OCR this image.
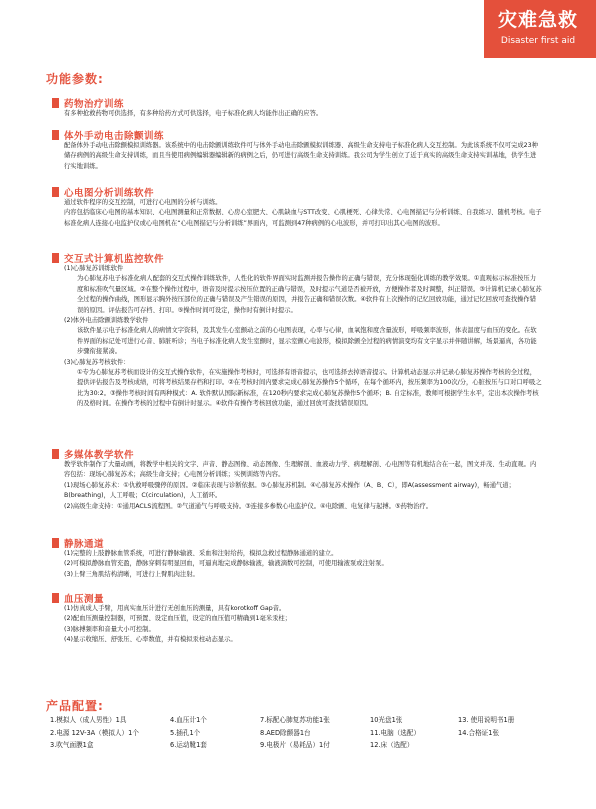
灾难急救
Disaster first aid
功能参数:
药物治疗训练

有多种抢救药物可供选择，有多种给药方式可供选择，电子标准化病人均能作出正确的应答。

体外手动电击除颤训练

配备体外手动电击除颤模拟训练器。该系统中的电击除颤训练软件可与体外手动电击除颤模拟训练器、高级生命支持电子标准化病人交互控制。为此该系统不仅可完成23种储存病例的高级生命支持训练，而且当使用病例编辑器编辑新的病例之后，仍可进行高级生命支持训练。我公司为学生创立了近于真实的高级生命支持实训基地，供学生进行实地训练。

心电图分析训练软件

通过软件程序的交互控制，可进行心电图的分析与训练。

内容包括临床心电图的基本知识、心电图测量和正常数据、心房心室肥大、心肌缺血与STT改变、心肌梗死、心律失常、心电图描记与分析训练、自我练习、随机考核。电子标准化病人连接心电监护仪或心电图机在“心电图描记与分析训练”界面内，可监测到47种病例的心电波形，并可打印出其心电图的波形。

交互式计算机监控软件

(1)心肺复苏训练软件

为心肺复苏电子标准化病人配套的交互式操作训练软件，人性化的软件界面实时监测并报告操作的正确与错误，充分体现强化训练的教学效果。①直观标示标准按压力度和标准吹气量区域。②在整个操作过程中，语音及时提示按压位置的正确与错误，及时提示气道是否被开放，方便操作者及时调整，纠正错误。③计算机记录心肺复苏全过程的操作曲线，图形显示胸外按压部位的正确与错误及产生错误的原因，并报告正确和错误次数。④软件有上次操作的记忆回放功能，通过记忆回放可查找操作错误的原因。评估报告可存档、打印。⑤操作时间可设定，操作时有倒计时提示。

(2)体外电击除颤训练教学软件

该软件显示电子标准化病人的病情文字资料，及其发生心室颤动之前的心电图表现，心率与心律，血氧饱和度含量波形，呼吸频率波形，体表温度与血压的变化。在软件界面的标记处可进行心音、肺脏听诊；当电子标准化病人发生室颤时，显示室颤心电波形，模拟除颤全过程的病情演变均有文字显示并伴随讲解，场景逼真，各功能步骤衔接紧凑。

(3)心肺复苏考核软件：

①专为心肺复苏考核而设计的交互式操作软件，在实施操作考核时，可选择有语音提示，也可选择去掉语音提示。计算机动态显示并记录心肺复苏操作考核的全过程，提供评估报告及考核成绩，可将考核结果存档和打印。②在考核时间内要求完成心肺复苏操作5个循环，在每个循环内，按压频率为100次/分，心脏按压与口对口呼吸之比为30:2。③操作考核时间有两种模式：A. 软件默认国际新标准，在120秒内要求完成心肺复苏操作5个循环；B. 自定标准，教师可根据学生水平，定出本次操作考核的及格时间。在操作考核的过程中有倒计时显示。④软件有操作考核回放功能，通过回放可查找错误原因。

多媒体教学软件

教学软件制作了大量动画，将教学中相关的文字、声音、静态图像、动态图像、生理解剖、血液动力学、病理解剖、心电图等有机地结合在一起，图文并茂、生动直观。内容包括：现场心肺复苏术；高级生命支持；心电图分析训练；实例训练等内容。

(1)现场心肺复苏术：①仇救呼吸骤停的原因。②临床表现与诊断依据。③心肺复苏机制。④心肺复苏术操作（A、B、C），即A(assessment airway)，畅通气道；B(breathing)，人工呼吸；C(circulation)，人工循环。

(2)高级生命支持：①通用ACLS流程图。②气道通气与呼吸支持。③连接多参数心电监护仪。④电除颤、电复律与起搏。⑤药物治疗。

静脉通道

(1)完整的上肢静脉血管系统，可进行静脉输液、采血和注射给药，模拟急救过程静脉通道的建立。

(2)可模拟静脉血管充盈，静脉穿刺有明显回血，可逼真地完成静脉输液，输液滴数可控制，可使用输液泵或注射泵。

(3)上臂三角肌结构清晰，可进行上臂肌肉注射。

血压测量

(1)仿真成人手臂，用真实血压计进行无创血压的测量，具有korotkoff Gap音。

(2)配血压测量控制器，可预置、设定血压值，设定的血压值可精确到1毫米汞柱；

(3)脉搏频率和音量大小可控制。

(4)显示收缩压、舒张压、心率数值，并有模拟汞柱动态显示。

产品配置:
1.模拟人（成人男性）1具	4.血压计1个	7.标配心肺复苏功能1张	10光盘1张	13. 使用说明书1册
2.电源 12V-3A（模拟人）1个	5.插孔1个	8.AED除颤器1台	11.电脑（选配）	14.合格证1张
3.吹气面膜1盒	6.运动靴1套	9.电极片（易耗品）1付	12.床（选配）
